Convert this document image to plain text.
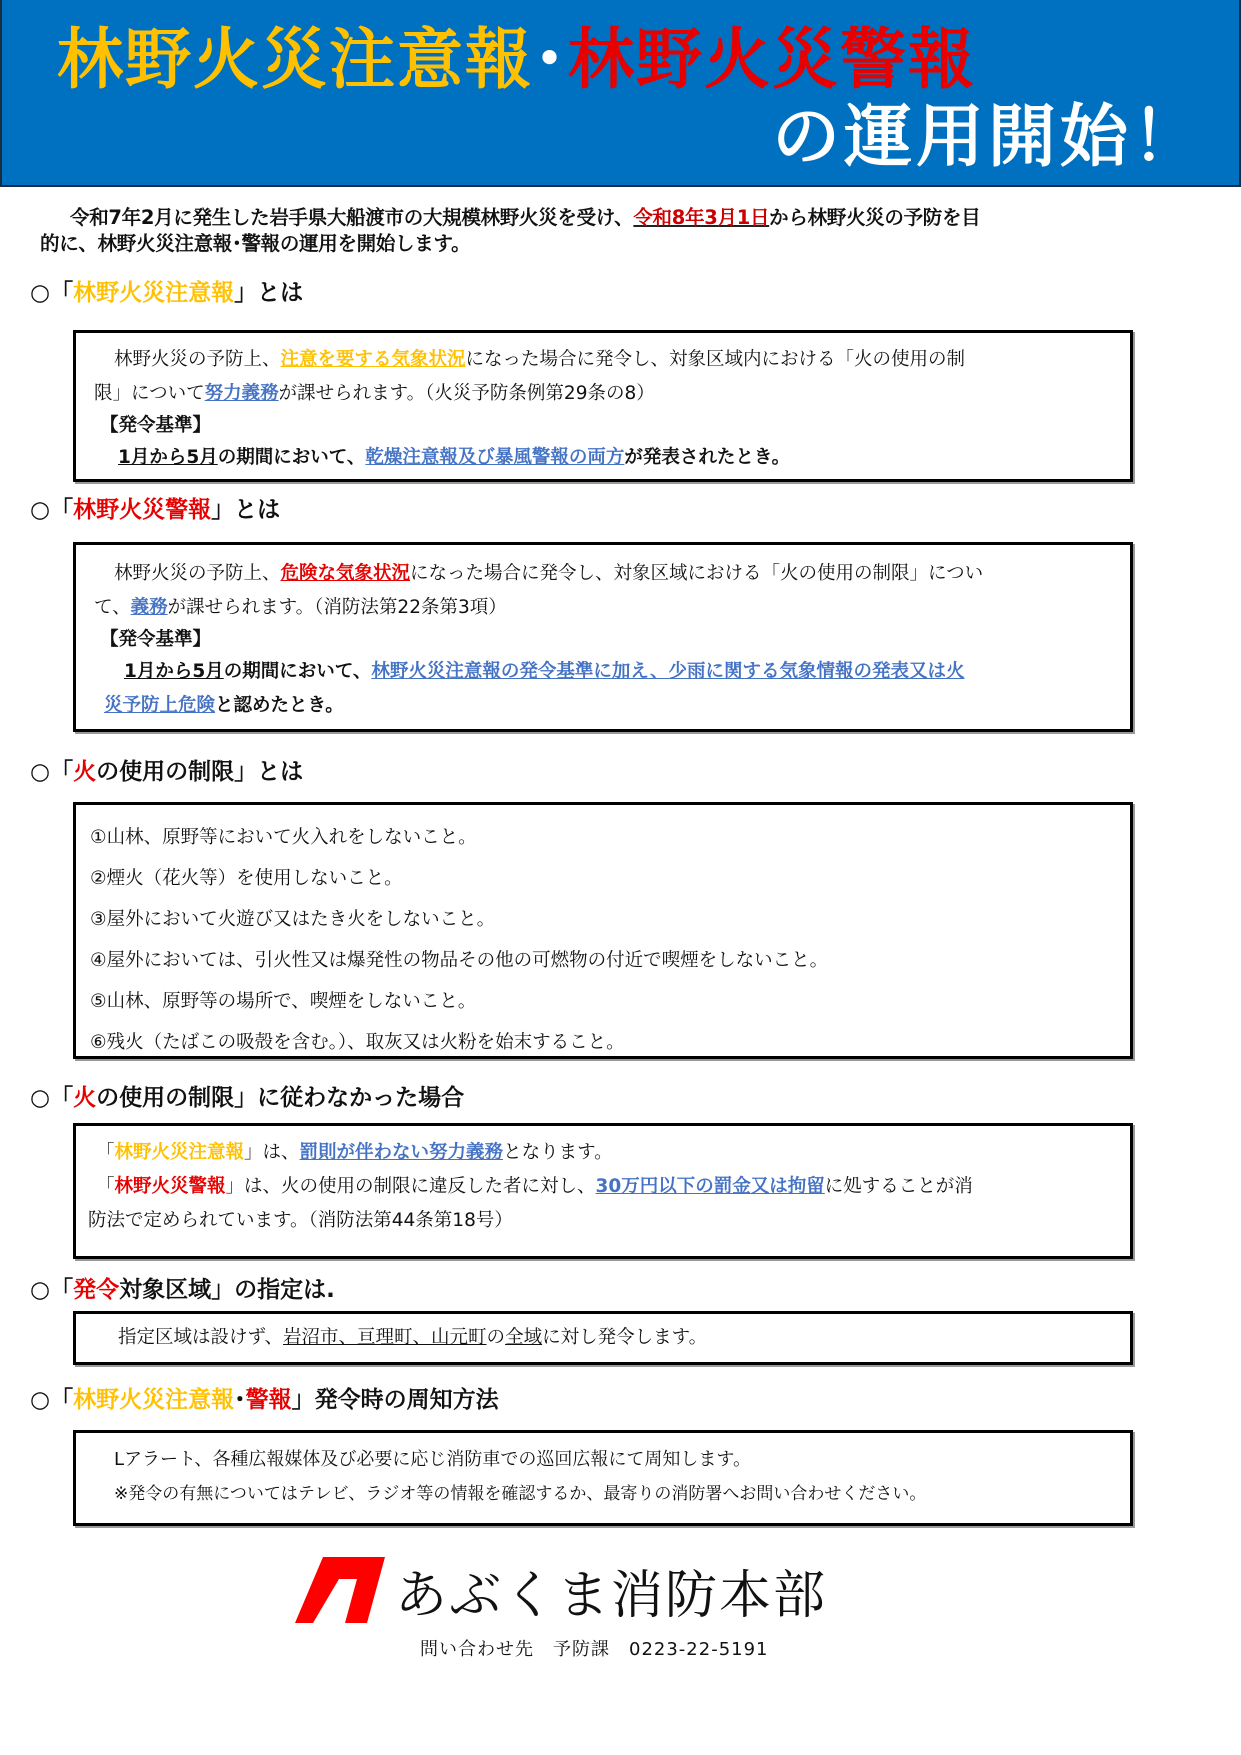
林野火災注意報･林野火災警報
の運用開始！
令和7年2月に発生した岩手県大船渡市の大規模林野火災を受け、令和8年3月1日から林野火災の予防を目
的に、林野火災注意報･警報の運用を開始します。
○「林野火災注意報」とは

林野火災の予防上、注意を要する気象状況になった場合に発令し、対象区域内における「火の使用の制

限」について努力義務が課せられます。（火災予防条例第29条の8）

【発令基準】

1月から5月の期間において、乾燥注意報及び暴風警報の両方が発表されたとき。

○「林野火災警報」とは

林野火災の予防上、危険な気象状況になった場合に発令し、対象区域における「火の使用の制限」につい

て、義務が課せられます。（消防法第22条第3項）

【発令基準】

1月から5月の期間において、林野火災注意報の発令基準に加え、少雨に関する気象情報の発表又は火

災予防上危険と認めたとき。

○「火の使用の制限」とは

①山林、原野等において火入れをしないこと。

②煙火（花火等）を使用しないこと。

③屋外において火遊び又はたき火をしないこと。

④屋外においては、引火性又は爆発性の物品その他の可燃物の付近で喫煙をしないこと。

⑤山林、原野等の場所で、喫煙をしないこと。

⑥残火（たばこの吸殻を含む。）、取灰又は火粉を始末すること。

○「火の使用の制限」に従わなかった場合

「林野火災注意報」は、罰則が伴わない努力義務となります。

「林野火災警報」は、火の使用の制限に違反した者に対し、30万円以下の罰金又は拘留に処することが消

防法で定められています。（消防法第44条第18号）

○「発令対象区域」の指定は.

指定区域は設けず、岩沼市、亘理町、山元町の全域に対し発令します。

○「林野火災注意報･警報」発令時の周知方法

Lアラート、各種広報媒体及び必要に応じ消防車での巡回広報にて周知します。

※発令の有無についてはテレビ、ラジオ等の情報を確認するか、最寄りの消防署へお問い合わせください。

あぶくま消防本部
問い合わせ先　予防課　0223-22-5191
